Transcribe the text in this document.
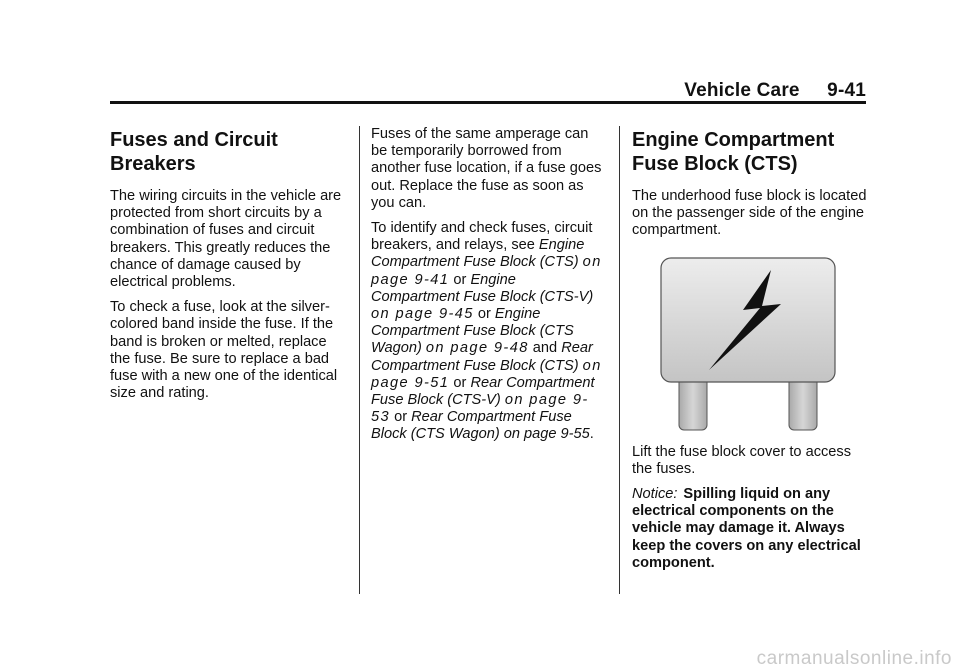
Vehicle Care 9-41
Fuses and Circuit Breakers

The wiring circuits in the vehicle are protected from short circuits by a combination of fuses and circuit breakers. This greatly reduces the chance of damage caused by electrical problems.

To check a fuse, look at the silver-colored band inside the fuse. If the band is broken or melted, replace the fuse. Be sure to replace a bad fuse with a new one of the identical size and rating.

Fuses of the same amperage can be temporarily borrowed from another fuse location, if a fuse goes out. Replace the fuse as soon as you can.

To identify and check fuses, circuit breakers, and relays, see Engine Compartment Fuse Block (CTS) on page 9-41 or Engine Compartment Fuse Block (CTS-V) on page 9-45 or Engine Compartment Fuse Block (CTS Wagon) on page 9-48 and Rear Compartment Fuse Block (CTS) on page 9-51 or Rear Compartment Fuse Block (CTS-V) on page 9-53 or Rear Compartment Fuse Block (CTS Wagon) on page 9-55.

Engine Compartment Fuse Block (CTS)

The underhood fuse block is located on the passenger side of the engine compartment.

Lift the fuse block cover to access the fuses.

Notice: Spilling liquid on any electrical components on the vehicle may damage it. Always keep the covers on any electrical component.

carmanualsonline.info
